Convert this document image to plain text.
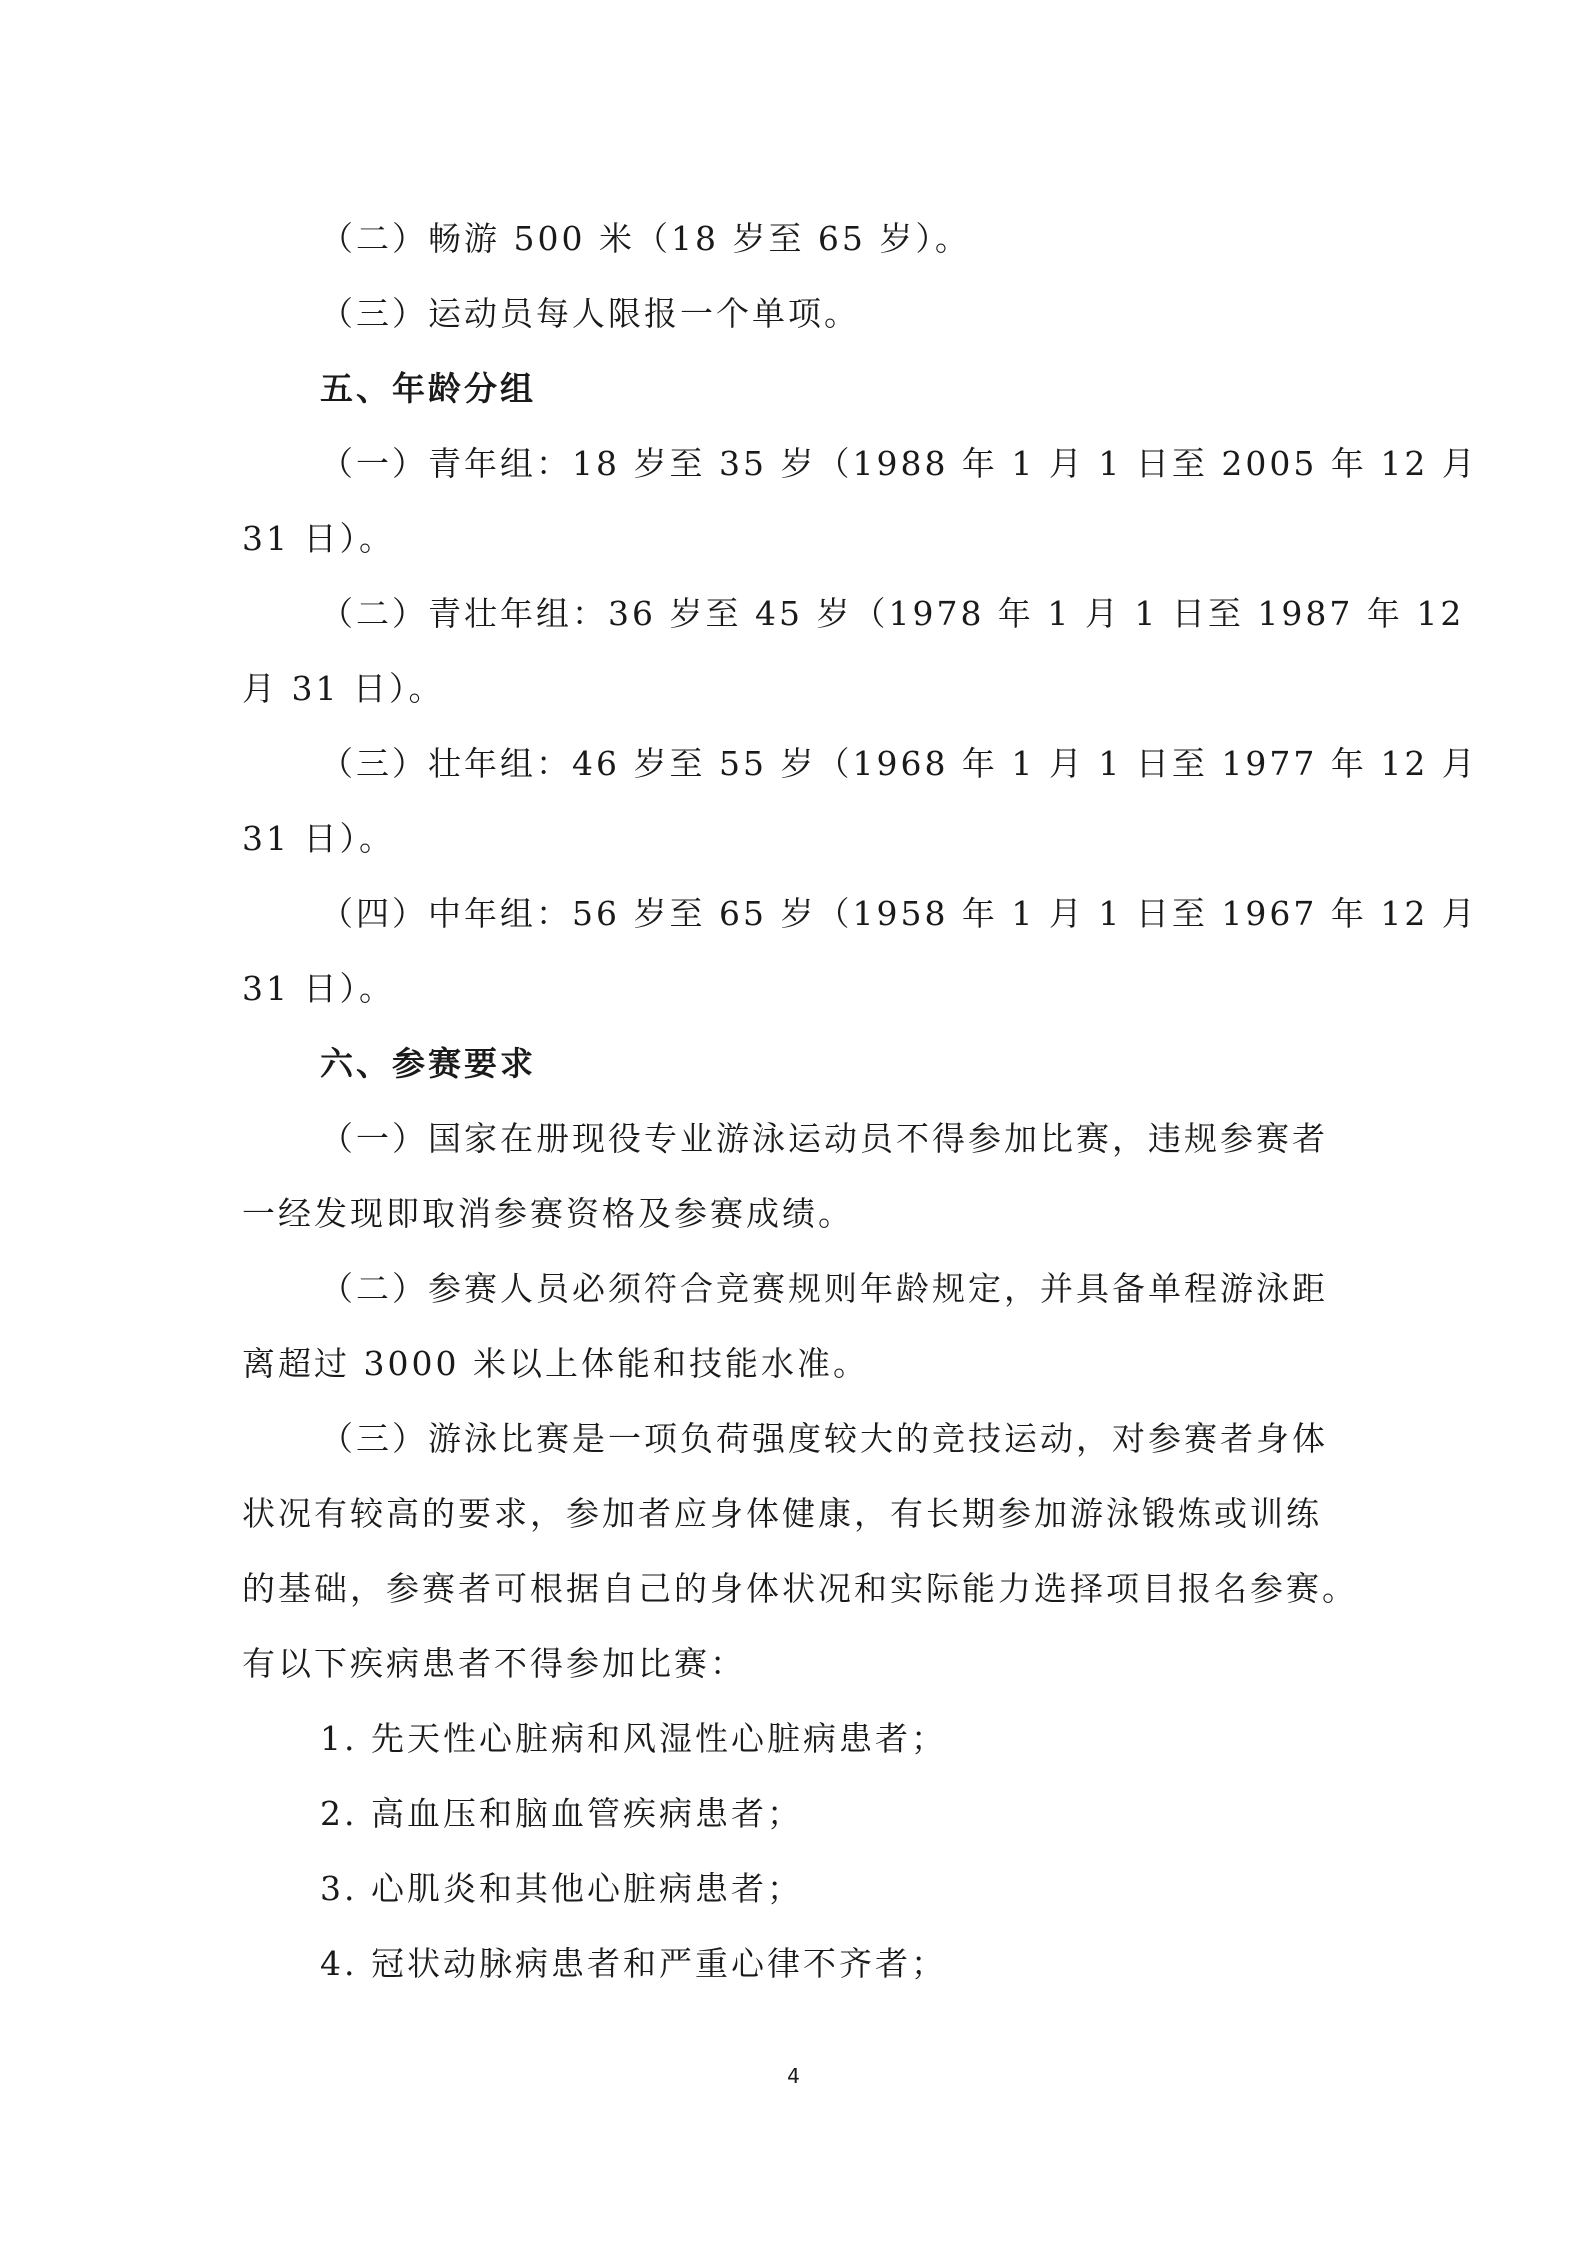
（二）畅游 500 米（18 岁至 65 岁）。
（三）运动员每人限报一个单项。
五、年龄分组
（一）青年组：18 岁至 35 岁（1988 年 1 月 1 日至 2005 年 12 月
31 日）。
（二）青壮年组：36 岁至 45 岁（1978 年 1 月 1 日至 1987 年 12
月 31 日）。
（三）壮年组：46 岁至 55 岁（1968 年 1 月 1 日至 1977 年 12 月
31 日）。
（四）中年组：56 岁至 65 岁（1958 年 1 月 1 日至 1967 年 12 月
31 日）。
六、参赛要求
（一）国家在册现役专业游泳运动员不得参加比赛，违规参赛者
一经发现即取消参赛资格及参赛成绩。
（二）参赛人员必须符合竞赛规则年龄规定，并具备单程游泳距
离超过 3000 米以上体能和技能水准。
（三）游泳比赛是一项负荷强度较大的竞技运动，对参赛者身体
状况有较高的要求，参加者应身体健康，有长期参加游泳锻炼或训练
的基础，参赛者可根据自己的身体状况和实际能力选择项目报名参赛。
有以下疾病患者不得参加比赛：
1. 先天性心脏病和风湿性心脏病患者；
2. 高血压和脑血管疾病患者；
3. 心肌炎和其他心脏病患者；
4. 冠状动脉病患者和严重心律不齐者；
4
